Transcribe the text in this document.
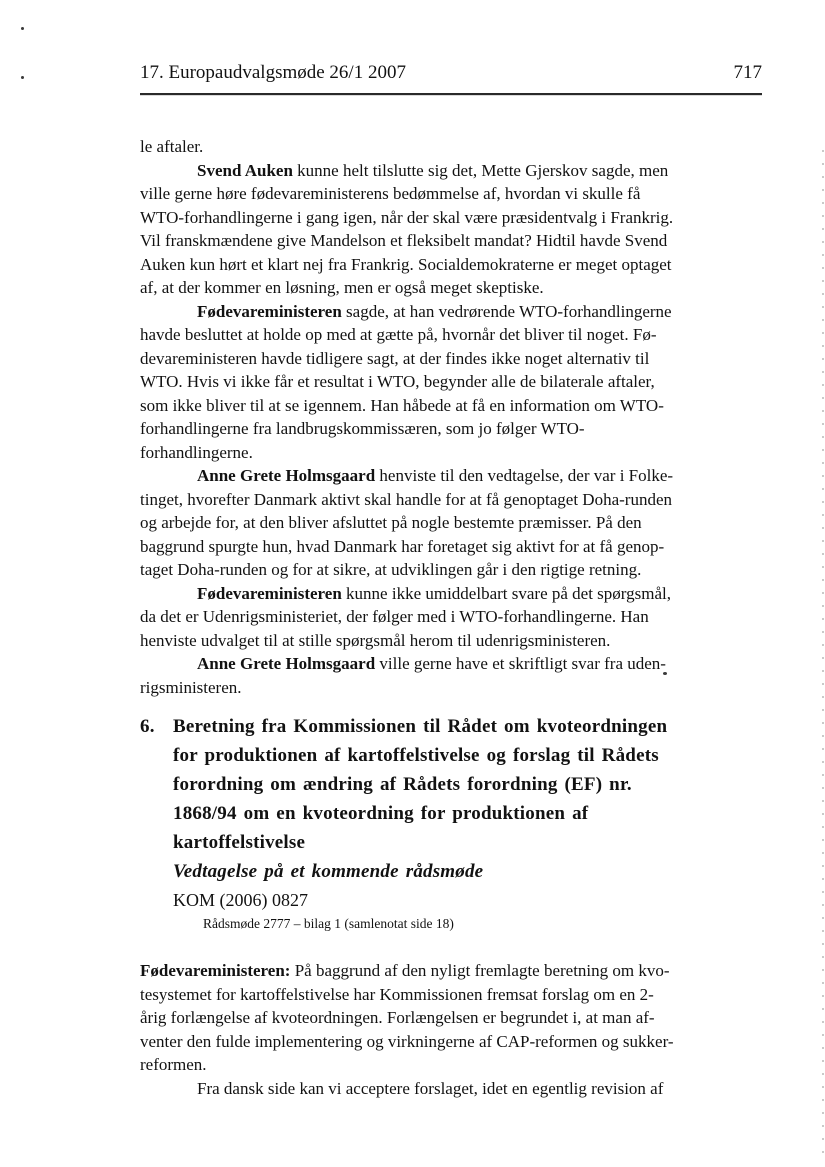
17. Europaudvalgsmøde 26/1 2007	717

le aftaler.

Svend Auken kunne helt tilslutte sig det, Mette Gjerskov sagde, men
ville gerne høre fødevareministerens bedømmelse af, hvordan vi skulle få
WTO-forhandlingerne i gang igen, når der skal være præsidentvalg i Frankrig.
Vil franskmændene give Mandelson et fleksibelt mandat? Hidtil havde Svend
Auken kun hørt et klart nej fra Frankrig. Socialdemokraterne er meget optaget
af, at der kommer en løsning, men er også meget skeptiske.

Fødevareministeren sagde, at han vedrørende WTO-forhandlingerne
havde besluttet at holde op med at gætte på, hvornår det bliver til noget. Fø-
devareministeren havde tidligere sagt, at der findes ikke noget alternativ til
WTO. Hvis vi ikke får et resultat i WTO, begynder alle de bilaterale aftaler,
som ikke bliver til at se igennem. Han håbede at få en information om WTO-
forhandlingerne fra landbrugskommissæren, som jo følger WTO-
forhandlingerne.

Anne Grete Holmsgaard henviste til den vedtagelse, der var i Folke-
tinget, hvorefter Danmark aktivt skal handle for at få genoptaget Doha-runden
og arbejde for, at den bliver afsluttet på nogle bestemte præmisser. På den
baggrund spurgte hun, hvad Danmark har foretaget sig aktivt for at få genop-
taget Doha-runden og for at sikre, at udviklingen går i den rigtige retning.

Fødevareministeren kunne ikke umiddelbart svare på det spørgsmål,
da det er Udenrigsministeriet, der følger med i WTO-forhandlingerne. Han
henviste udvalget til at stille spørgsmål herom til udenrigsministeren.

Anne Grete Holmsgaard ville gerne have et skriftligt svar fra uden-
rigsministeren.

6. Beretning fra Kommissionen til Rådet om kvoteordningen
for produktionen af kartoffelstivelse og forslag til Rådets
forordning om ændring af Rådets forordning (EF) nr.
1868/94 om en kvoteordning for produktionen af
kartoffelstivelse
Vedtagelse på et kommende rådsmøde
KOM (2006) 0827
Rådsmøde 2777 – bilag 1 (samlenotat side 18)

Fødevareministeren: På baggrund af den nyligt fremlagte beretning om kvo-
tesystemet for kartoffelstivelse har Kommissionen fremsat forslag om en 2-
årig forlængelse af kvoteordningen. Forlængelsen er begrundet i, at man af-
venter den fulde implementering og virkningerne af CAP-reformen og sukker-
reformen.

Fra dansk side kan vi acceptere forslaget, idet en egentlig revision af
